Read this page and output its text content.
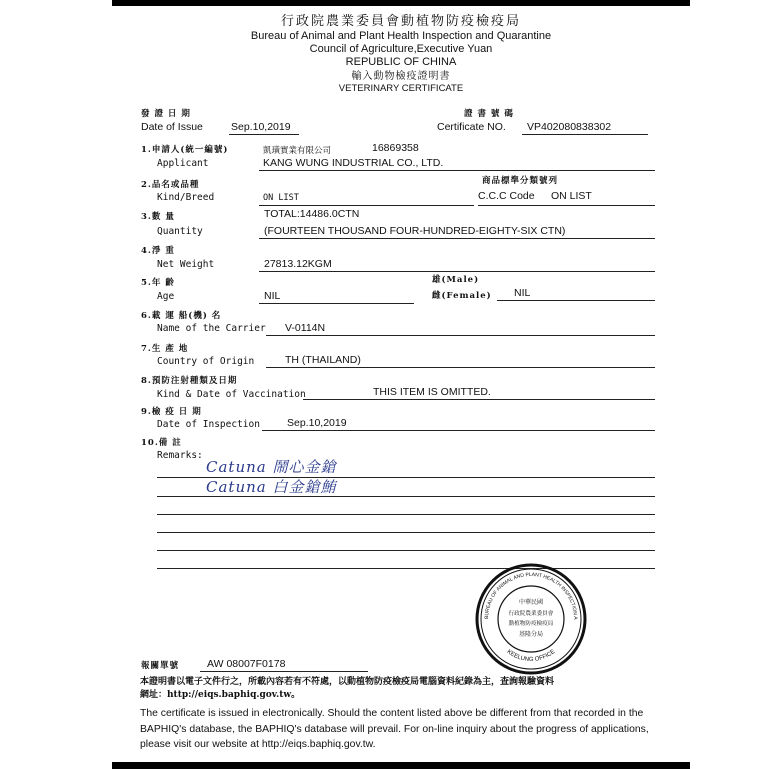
行政院農業委員會動植物防疫檢疫局
Bureau of Animal and Plant Health Inspection and Quarantine
Council of Agriculture,Executive Yuan
REPUBLIC OF CHINA
輸入動物檢疫證明書
VETERINARY CERTIFICATE
發 證 日 期
Date of Issue	Sep.10,2019
證 書 號 碼
Certificate NO. VP402080838302
1.申請人(統一編號)
Applicant
凱璜實業有限公司	16869358
KANG WUNG INDUSTRIAL CO., LTD.
2.品名或品種
Kind/Breed	ON LIST
商品標準分類號列
C.C.C Code ON LIST
3.數 量
Quantity
TOTAL:14486.0CTN
(FOURTEEN THOUSAND FOUR-HUNDRED-EIGHTY-SIX CTN)
4.淨 重
Net Weight	27813.12KGM
5.年 齡
Age	NIL
雄(Male)
雌(Female) NIL
6.載 運 船(機) 名
Name of the Carrier V-0114N
7.生 產 地
Country of Origin	TH (THAILAND)
8.預防注射種類及日期
Kind & Date of Vaccination	THIS ITEM IS OMITTED.
9.檢 疫 日 期
Date of Inspection	Sep.10,2019
10.備 註
Remarks:
Catuna 鬧心金鎗
Catuna 白金鎗鮪
BUREAU OF ANIMAL AND PLANT HEALTH INSPECTION A
KEELUNG OFFICE
中華民國
行政院農業委員會
動植物防疫檢疫局
基隆分局
報關單號	AW 08007F0178
本證明書以電子文件行之，所載內容若有不符處，以動植物防疫檢疫局電腦資料紀錄為主，查詢報驗資料
網址：http://eiqs.baphiq.gov.tw。
The certificate is issued in electronically. Should the content listed above be different from that recorded in the BAPHIQ's database, the BAPHIQ's database will prevail. For on-line inquiry about the progress of applications, please visit our website at http://eiqs.baphiq.gov.tw.
